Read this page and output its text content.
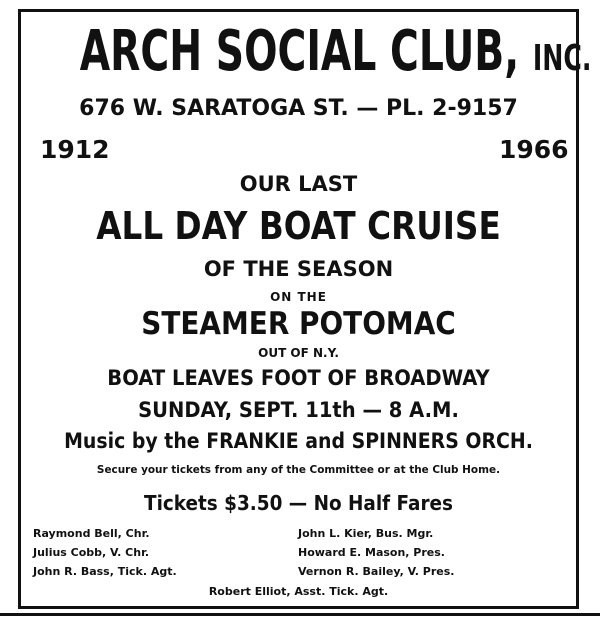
ARCH SOCIAL CLUB, INC.
676 W. SARATOGA ST. — PL. 2-9157
1912	1966
OUR LAST
ALL DAY BOAT CRUISE
OF THE SEASON
ON THE
STEAMER POTOMAC
OUT OF N.Y.
BOAT LEAVES FOOT OF BROADWAY
SUNDAY, SEPT. 11th — 8 A.M.
Music by the FRANKIE and SPINNERS ORCH.
Secure your tickets from any of the Committee or at the Club Home.
Tickets $3.50 — No Half Fares
Raymond Bell, Chr.
Julius Cobb, V. Chr.
John R. Bass, Tick. Agt.
John L. Kier, Bus. Mgr.
Howard E. Mason, Pres.
Vernon R. Bailey, V. Pres.
Robert Elliot, Asst. Tick. Agt.
